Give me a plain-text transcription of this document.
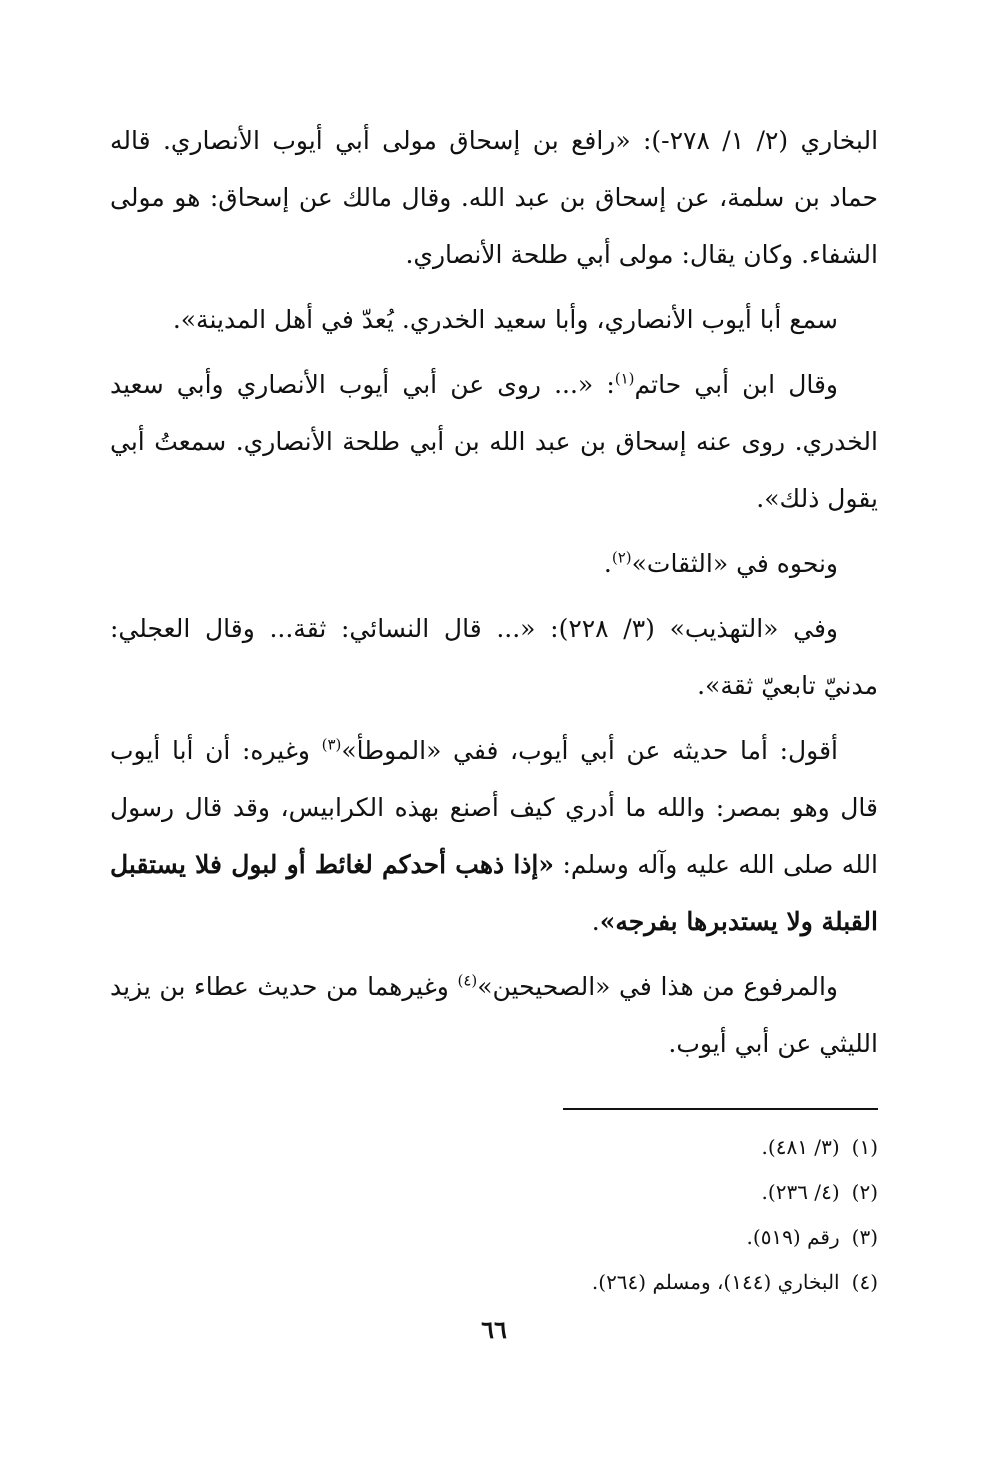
البخاري (٢/ ١/ ٢٧٨-): «رافع بن إسحاق مولى أبي أيوب الأنصاري. قاله حماد بن سلمة، عن إسحاق بن عبد الله. وقال مالك عن إسحاق: هو مولى الشفاء. وكان يقال: مولى أبي طلحة الأنصاري.

سمع أبا أيوب الأنصاري، وأبا سعيد الخدري. يُعدّ في أهل المدينة».

وقال ابن أبي حاتم$^{(١)}$: «... روى عن أبي أيوب الأنصاري وأبي سعيد الخدري. روى عنه إسحاق بن عبد الله بن أبي طلحة الأنصاري. سمعتُ أبي يقول ذلك».

ونحوه في «الثقات»$^{(٢)}$.

وفي «التهذيب» (٣/ ٢٢٨): «... قال النسائي: ثقة... وقال العجلي: مدنيّ تابعيّ ثقة».

أقول: أما حديثه عن أبي أيوب، ففي «الموطأ»$^{(٣)}$ وغيره: أن أبا أيوب قال وهو بمصر: والله ما أدري كيف أصنع بهذه الكرابيس، وقد قال رسول الله صلى الله عليه وآله وسلم: «إذا ذهب أحدكم لغائط أو لبول فلا يستقبل القبلة ولا يستدبرها بفرجه».

والمرفوع من هذا في «الصحيحين»$^{(٤)}$ وغيرهما من حديث عطاء بن يزيد الليثي عن أبي أيوب.

(١)
(٣/ ٤٨١).
(٢)
(٤/ ٢٣٦).
(٣)
رقم (٥١٩).
(٤)
البخاري (١٤٤)، ومسلم (٢٦٤).
٦٦
